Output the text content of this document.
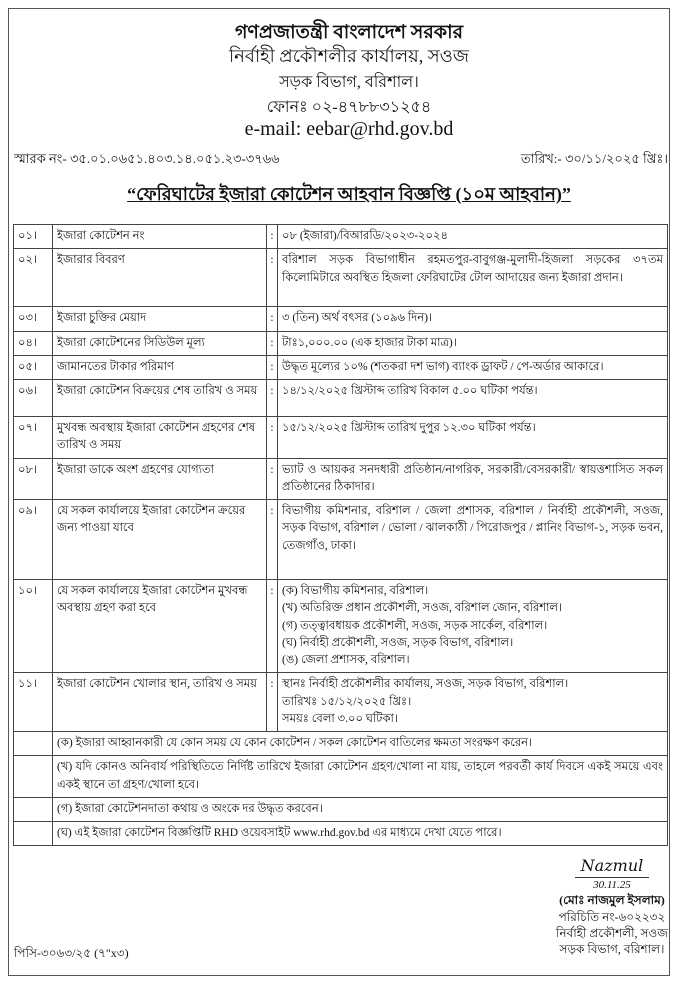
গণপ্রজাতন্ত্রী বাংলাদেশ সরকার
নির্বাহী প্রকৌশলীর কার্যালয়, সওজ
সড়ক বিভাগ, বরিশাল।
ফোনঃ ০২-৪৭৮৮৩১২৫৪
e-mail: eebar@rhd.gov.bd
স্মারক নং- ৩৫.০১.০৬৫১.৪০৩.১৪.০৫১.২৩-৩৭৬৬	তারিখ:- ৩০/১১/২০২৫ খ্রিঃ।
“ফেরিঘাটের ইজারা কোটেশন আহবান বিজ্ঞপ্তি (১০ম আহবান)”
০১।	ইজারা কোটেশন নং	:	০৮ (ইজারা)/বিআরডি/২০২৩-২০২৪
০২।	ইজারার বিবরণ	:	বরিশাল সড়ক বিভাগাধীন রহমতপুর-বাবুগঞ্জ-মুলাদী-হিজলা সড়কের ৩৭তম কিলোমিটারে অবস্থিত হিজলা ফেরিঘাটের টোল আদায়ের জন্য ইজারা প্রদান।
০৩।	ইজারা চুক্তির মেয়াদ	:	৩ (তিন) অর্থ বৎসর (১০৯৬ দিন)।
০৪।	ইজারা কোটেশনের সিডিউল মূল্য	:	টাঃ১,০০০.০০ (এক হাজার টাকা মাত্র)।
০৫।	জামানতের টাকার পরিমাণ	:	উদ্ধৃত মূল্যের ১০% (শতকরা দশ ভাগ) ব্যাংক ড্রাফট / পে-অর্ডার আকারে।
০৬।	ইজারা কোটেশন বিক্রয়ের শেষ তারিখ ও সময়	:	১৪/১২/২০২৫ খ্রিস্টাব্দ তারিখ বিকাল ৫.০০ ঘটিকা পর্যন্ত।
০৭।	মুখবন্ধ অবস্থায় ইজারা কোটেশন গ্রহণের শেষ তারিখ ও সময়	:	১৫/১২/২০২৫ খ্রিস্টাব্দ তারিখ দুপুর ১২.৩০ ঘটিকা পর্যন্ত।
০৮।	ইজারা ডাকে অংশ গ্রহণের যোগ্যতা	:	ভ্যাট ও আয়কর সনদধারী প্রতিষ্ঠান/নাগরিক, সরকারী/বেসরকারী/ স্বায়ত্তশাসিত সকল প্রতিষ্ঠানের ঠিকাদার।
০৯।	যে সকল কার্যালয়ে ইজারা কোটেশন ক্রয়ের জন্য পাওয়া যাবে	:	বিভাগীয় কমিশনার, বরিশাল / জেলা প্রশাসক, বরিশাল / নির্বাহী প্রকৌশলী, সওজ, সড়ক বিভাগ, বরিশাল / ভোলা / ঝালকাঠী / পিরোজপুর / প্লানিং বিভাগ-১, সড়ক ভবন, তেজগাঁও, ঢাকা।
১০।	যে সকল কার্যালয়ে ইজারা কোটেশন মুখবন্ধ অবস্থায় গ্রহণ করা হবে	:	(ক) বিভাগীয় কমিশনার, বরিশাল।
(খ) অতিরিক্ত প্রধান প্রকৌশলী, সওজ, বরিশাল জোন, বরিশাল।
(গ) তত্ত্বাবধায়ক প্রকৌশলী, সওজ, সড়ক সার্কেল, বরিশাল।
(ঘ) নির্বাহী প্রকৌশলী, সওজ, সড়ক বিভাগ, বরিশাল।
(ঙ) জেলা প্রশাসক, বরিশাল।

১১।	ইজারা কোটেশন খোলার স্থান, তারিখ ও সময়	:	স্থানঃ নির্বাহী প্রকৌশলীর কার্যালয়, সওজ, সড়ক বিভাগ, বরিশাল।
তারিখঃ ১৫/১২/২০২৫ খ্রিঃ।
সময়ঃ বেলা ৩.০০ ঘটিকা।

	(ক) ইজারা আহ্বানকারী যে কোন সময় যে কোন কোটেশন / সকল কোটেশন বাতিলের ক্ষমতা সংরক্ষণ করেন।		
	(খ) যদি কোনও অনিবার্য পরিস্থিতিতে নির্দিষ্ট তারিখে ইজারা কোটেশন গ্রহণ/খোলা না যায়, তাহলে পরবর্তী কার্য দিবসে একই সময়ে এবং একই স্থানে তা গ্রহণ/খোলা হবে।		
	(গ) ইজারা কোটেশনদাতা কথায় ও অংকে দর উদ্ধৃত করবেন।		
	(ঘ) এই ইজারা কোটেশন বিজ্ঞপ্তিটি RHD ওয়েবসাইট www.rhd.gov.bd এর মাধ্যমে দেখা যেতে পারে।		
Nazmul

30.11.25
(মোঃ নাজমুল ইসলাম)
পরিচিতি নং-৬০২২৩২
নির্বাহী প্রকৌশলী, সওজ
সড়ক বিভাগ, বরিশাল।
পিসি-৩০৬৩/২৫ (৭"x৩)
